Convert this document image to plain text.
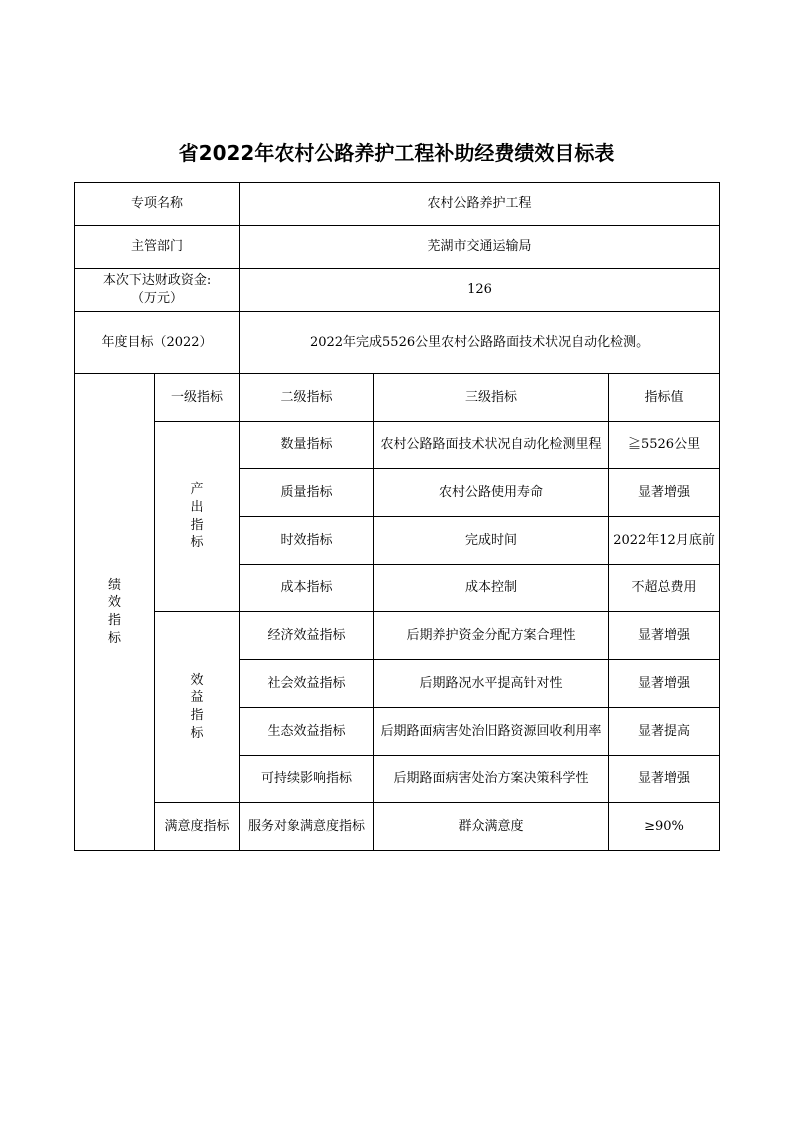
省2022年农村公路养护工程补助经费绩效目标表
专项名称		农村公路养护工程		
主管部门		芜湖市交通运输局		

本次下达财政资金:
（万元）		126		
年度目标（2022）		2022年完成5526公里农村公路路面技术状况自动化检测。		

绩
效
指
标	一级指标	二级指标	三级指标	指标值

	产
出
指
标	数量指标	农村公路路面技术状况自动化检测里程	≧5526公里
		质量指标	农村公路使用寿命	显著增强
		时效指标	完成时间	2022年12月底前
		成本指标	成本控制	不超总费用

	效
益
指
标	经济效益指标	后期养护资金分配方案合理性	显著增强
		社会效益指标	后期路况水平提高针对性	显著增强
		生态效益指标	后期路面病害处治旧路资源回收利用率	显著提高
		可持续影响指标	后期路面病害处治方案决策科学性	显著增强
	满意度指标	服务对象满意度指标	群众满意度	≥90%
